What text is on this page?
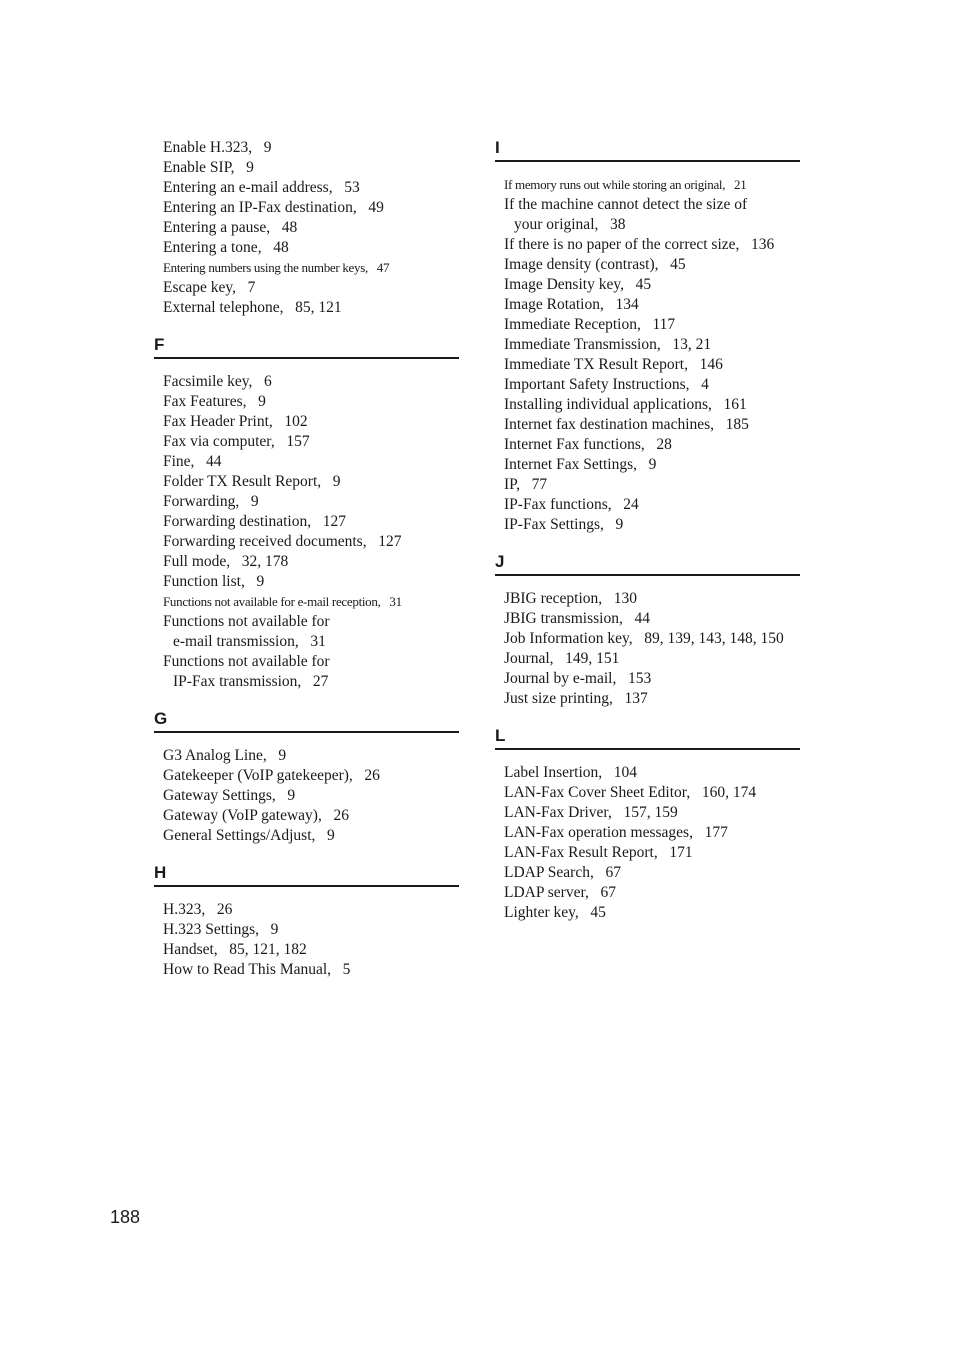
Enable H.323,   9
Enable SIP,   9
Entering an e-mail address,   53
Entering an IP-Fax destination,   49
Entering a pause,   48
Entering a tone,   48
Entering numbers using the number keys,   47
Escape key,   7
External telephone,   85, 121
F
Facsimile key,   6
Fax Features,   9
Fax Header Print,   102
Fax via computer,   157
Fine,   44
Folder TX Result Report,   9
Forwarding,   9
Forwarding destination,   127
Forwarding received documents,   127
Full mode,   32, 178
Function list,   9
Functions not available for e-mail reception,   31
Functions not available for
e-mail transmission,   31
Functions not available for
IP-Fax transmission,   27
G
G3 Analog Line,   9
Gatekeeper (VoIP gatekeeper),   26
Gateway Settings,   9
Gateway (VoIP gateway),   26
General Settings/Adjust,   9
H
H.323,   26
H.323 Settings,   9
Handset,   85, 121, 182
How to Read This Manual,   5
I
If memory runs out while storing an original,   21
If the machine cannot detect the size of
your original,   38
If there is no paper of the correct size,   136
Image density (contrast),   45
Image Density key,   45
Image Rotation,   134
Immediate Reception,   117
Immediate Transmission,   13, 21
Immediate TX Result Report,   146
Important Safety Instructions,   4
Installing individual applications,   161
Internet fax destination machines,   185
Internet Fax functions,   28
Internet Fax Settings,   9
IP,   77
IP-Fax functions,   24
IP-Fax Settings,   9
J
JBIG reception,   130
JBIG transmission,   44
Job Information key,   89, 139, 143, 148, 150
Journal,   149, 151
Journal by e-mail,   153
Just size printing,   137
L
Label Insertion,   104
LAN-Fax Cover Sheet Editor,   160, 174
LAN-Fax Driver,   157, 159
LAN-Fax operation messages,   177
LAN-Fax Result Report,   171
LDAP Search,   67
LDAP server,   67
Lighter key,   45
188
